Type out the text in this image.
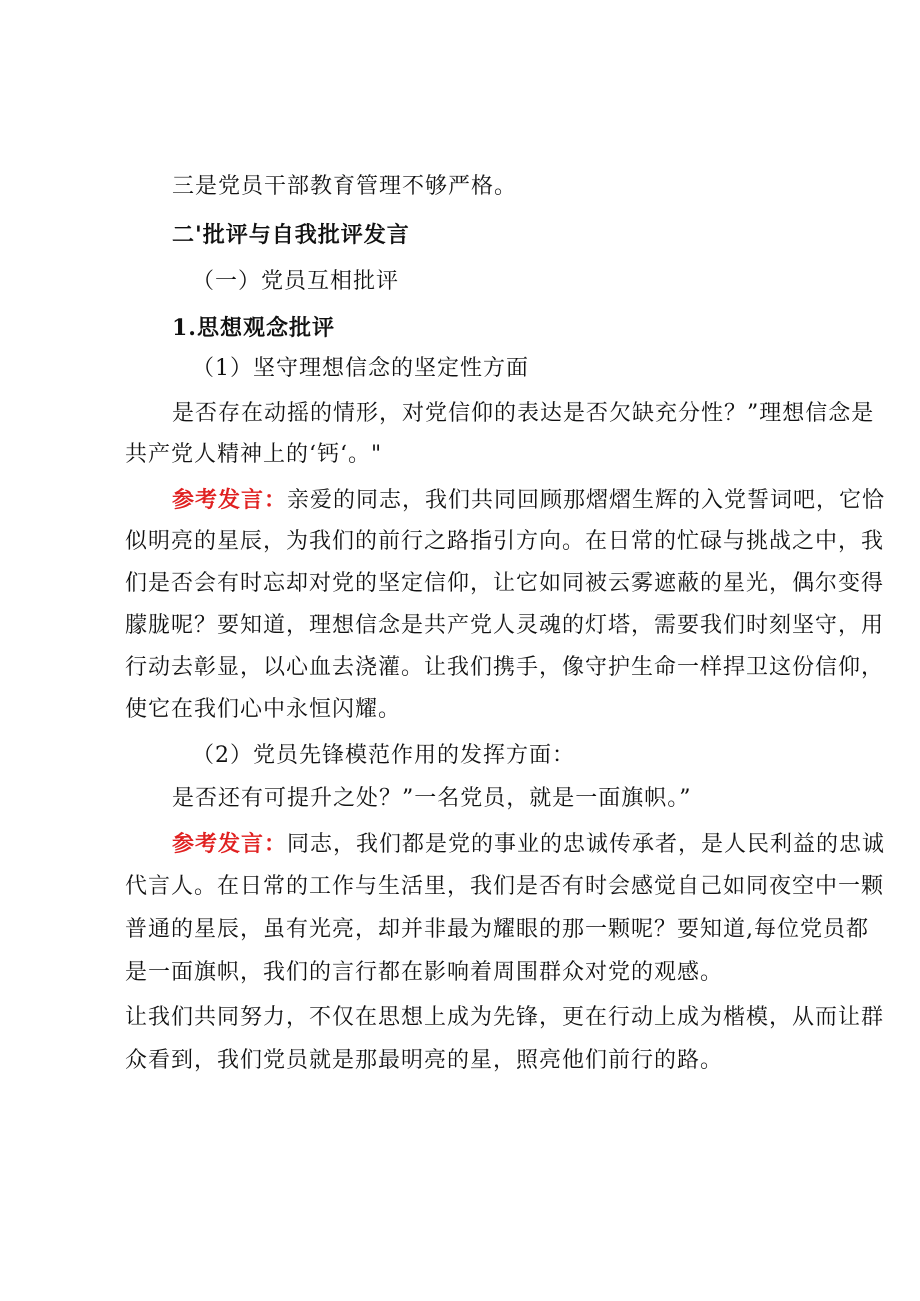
三是党员干部教育管理不够严格。
二'批评与自我批评发言
（一）党员互相批评
1.思想观念批评
（1）坚守理想信念的坚定性方面
是否存在动摇的情形，对党信仰的表达是否欠缺充分性？”理想信念是
共产党人精神上的‘钙‘。"
参考发言：亲爱的同志，我们共同回顾那熠熠生辉的入党誓词吧，它恰
似明亮的星辰，为我们的前行之路指引方向。在日常的忙碌与挑战之中，我
们是否会有时忘却对党的坚定信仰，让它如同被云雾遮蔽的星光，偶尔变得
朦胧呢？要知道，理想信念是共产党人灵魂的灯塔，需要我们时刻坚守，用
行动去彰显，以心血去浇灌。让我们携手，像守护生命一样捍卫这份信仰，
使它在我们心中永恒闪耀。
（2）党员先锋模范作用的发挥方面：
是否还有可提升之处？”一名党员，就是一面旗帜。”
参考发言：同志，我们都是党的事业的忠诚传承者，是人民利益的忠诚
代言人。在日常的工作与生活里，我们是否有时会感觉自己如同夜空中一颗
普通的星辰，虽有光亮，却并非最为耀眼的那一颗呢？要知道,每位党员都
是一面旗帜，我们的言行都在影响着周围群众对党的观感。
让我们共同努力，不仅在思想上成为先锋，更在行动上成为楷模，从而让群
众看到，我们党员就是那最明亮的星，照亮他们前行的路。
